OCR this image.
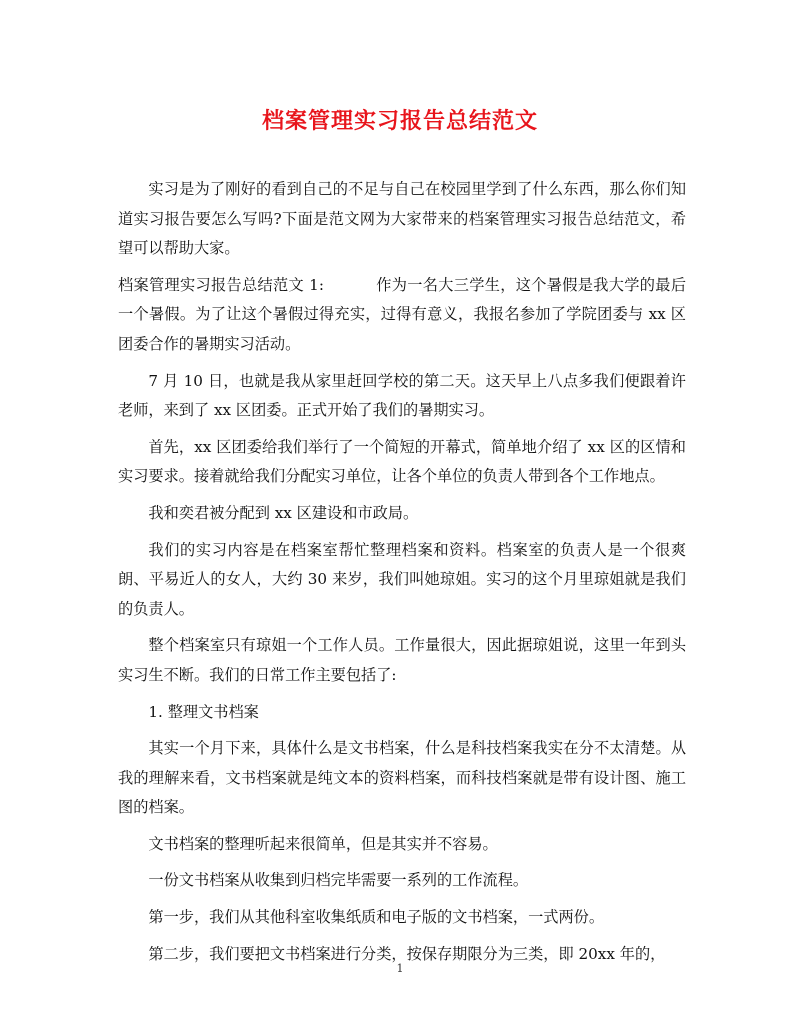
档案管理实习报告总结范文

实习是为了刚好的看到自己的不足与自己在校园里学到了什么东西，那么你们知道实习报告要怎么写吗?下面是范文网为大家带来的档案管理实习报告总结范文，希望可以帮助大家。

档案管理实习报告总结范文 1:	作为一名大三学生，这个暑假是我大学的最后一个暑假。为了让这个暑假过得充实，过得有意义，我报名参加了学院团委与 xx 区团委合作的暑期实习活动。

7 月 10 日，也就是我从家里赶回学校的第二天。这天早上八点多我们便跟着许老师，来到了 xx 区团委。正式开始了我们的暑期实习。

首先，xx 区团委给我们举行了一个简短的开幕式，简单地介绍了 xx 区的区情和实习要求。接着就给我们分配实习单位，让各个单位的负责人带到各个工作地点。

我和奕君被分配到 xx 区建设和市政局。

我们的实习内容是在档案室帮忙整理档案和资料。档案室的负责人是一个很爽朗、平易近人的女人，大约 30 来岁，我们叫她琼姐。实习的这个月里琼姐就是我们的负责人。

整个档案室只有琼姐一个工作人员。工作量很大，因此据琼姐说，这里一年到头实习生不断。我们的日常工作主要包括了:

1. 整理文书档案

其实一个月下来，具体什么是文书档案，什么是科技档案我实在分不太清楚。从我的理解来看，文书档案就是纯文本的资料档案，而科技档案就是带有设计图、施工图的档案。

文书档案的整理听起来很简单，但是其实并不容易。

一份文书档案从收集到归档完毕需要一系列的工作流程。

第一步，我们从其他科室收集纸质和电子版的文书档案，一式两份。

第二步，我们要把文书档案进行分类，按保存期限分为三类，即 20xx 年的，

1
